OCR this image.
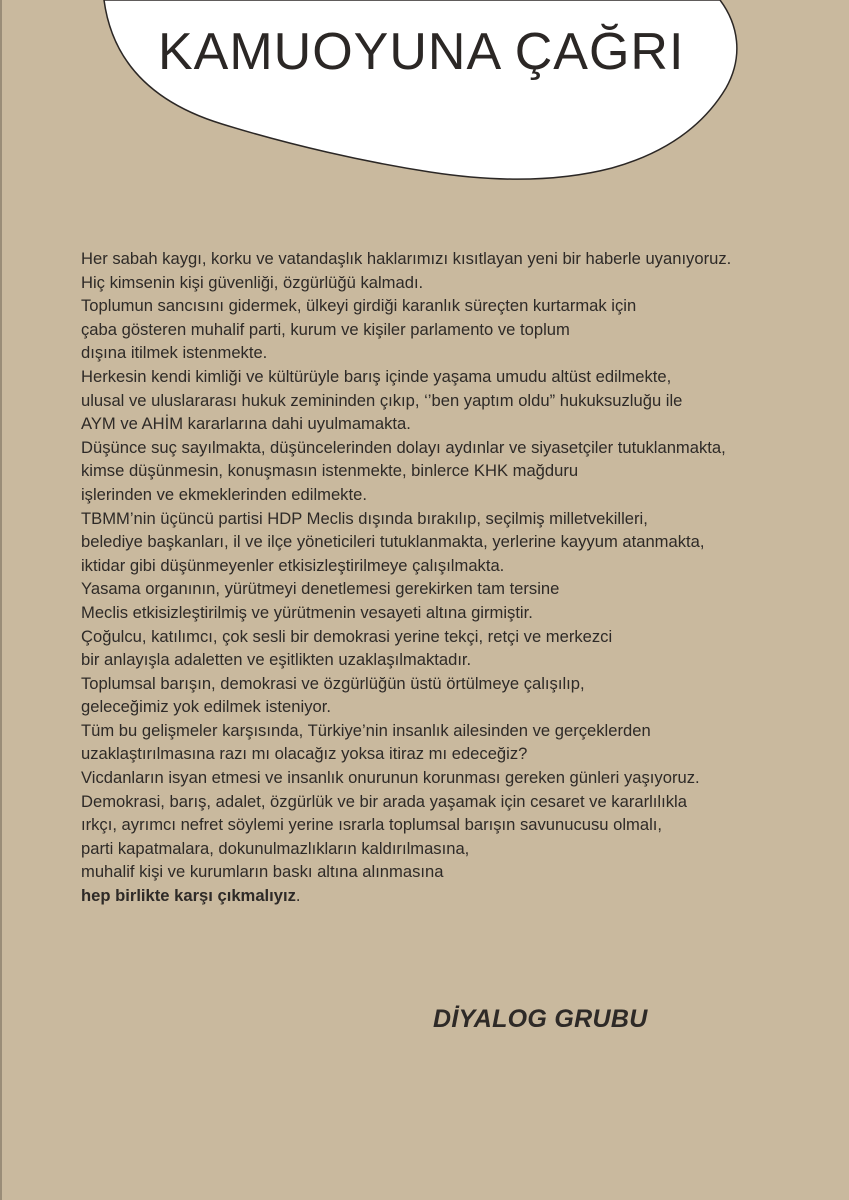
KAMUOYUNA ÇAĞRI
Her sabah kaygı, korku ve vatandaşlık haklarımızı kısıtlayan yeni bir haberle uyanıyoruz.
Hiç kimsenin kişi güvenliği, özgürlüğü kalmadı.
Toplumun sancısını gidermek, ülkeyi girdiği karanlık süreçten kurtarmak için
çaba gösteren muhalif parti, kurum ve kişiler parlamento ve toplum
dışına itilmek istenmekte.
Herkesin kendi kimliği ve kültürüyle barış içinde yaşama umudu altüst edilmekte,
ulusal ve uluslararası hukuk zemininden çıkıp, ‘’ben yaptım oldu” hukuksuzluğu ile
AYM ve AHİM kararlarına dahi uyulmamakta.
Düşünce suç sayılmakta, düşüncelerinden dolayı aydınlar ve siyasetçiler tutuklanmakta,
kimse düşünmesin, konuşmasın istenmekte, binlerce KHK mağduru
işlerinden ve ekmeklerinden edilmekte.
TBMM’nin üçüncü partisi HDP Meclis dışında bırakılıp, seçilmiş milletvekilleri,
belediye başkanları, il ve ilçe yöneticileri tutuklanmakta, yerlerine kayyum atanmakta,
iktidar gibi düşünmeyenler etkisizleştirilmeye çalışılmakta.
Yasama organının, yürütmeyi denetlemesi gerekirken tam tersine
Meclis etkisizleştirilmiş ve yürütmenin vesayeti altına girmiştir.
Çoğulcu, katılımcı, çok sesli bir demokrasi yerine tekçi, retçi ve merkezci
bir anlayışla adaletten ve eşitlikten uzaklaşılmaktadır.
Toplumsal barışın, demokrasi ve özgürlüğün üstü örtülmeye çalışılıp,
geleceğimiz yok edilmek isteniyor.
Tüm bu gelişmeler karşısında, Türkiye’nin insanlık ailesinden ve gerçeklerden
uzaklaştırılmasına razı mı olacağız yoksa itiraz mı edeceğiz?
Vicdanların isyan etmesi ve insanlık onurunun korunması gereken günleri yaşıyoruz.
Demokrasi, barış, adalet, özgürlük ve bir arada yaşamak için cesaret ve kararlılıkla
ırkçı, ayrımcı nefret söylemi yerine ısrarla toplumsal barışın savunucusu olmalı,
parti kapatmalara, dokunulmazlıkların kaldırılmasına,
muhalif kişi ve kurumların baskı altına alınmasına
hep birlikte karşı çıkmalıyız.

DİYALOG GRUBU
